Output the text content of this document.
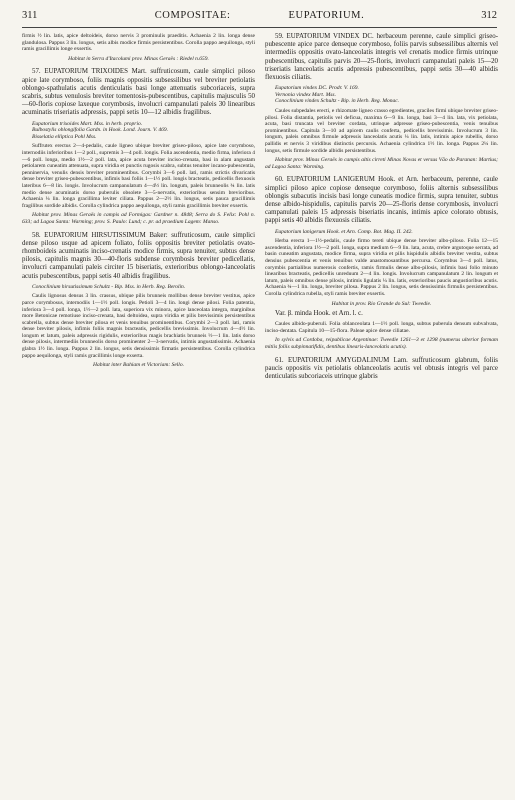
311	COMPOSITAE:	EUPATORIUM.	312

firmis ½ lin. latis, apice deltoideis, dorso nervis 3 prominulis praeditis. Achaenia 2 lin. longa dense glandulosa. Pappus 3 lin. longus, setis albis modice firmis persistentibus. Corolla pappo aequilonga, styli ramis gracillimis longe exsertis.

Habitat in Serra d'Itacolumi prov. Minas Geraës : Riedel n.659.

57. EUPATORIUM TRIXOIDES Mart. suffruticosum, caule simplici piloso apice late corymboso, foliis magnis oppositis subsessilibus vel breviter petiolatis oblongo-spathulatis acutis denticulatis basi longe attenuatis subcoriaceis, supra scabris, subtus venulosis breviter tomentosis-pubescentibus, capitulis majusculis 50—60-floris copiose laxeque corymbosis, involucri campanulati paleis 30 linearibus acuminatis triseriatis adpressis, pappi setis 10—12 albidis fragilibus.

Eupatorium trixoides Mart. Mss. in herb. proprio.

Bulbostylis oblongifolia Gardn. in Hook. Lond. Journ. V. 469.

Bisselatia elliptica Pohl Mss.

Suffrutex erectus 2—4-pedalis, caule ligneo ubique breviter griseo-piloso, apice late corymboso, internodiis inferioribus 1—2 poll., supremis 3—4 poll. longis. Folia ascendentia, medio firma, inferiora 4—6 poll. longa, medio 1½—2 poll. lata, apice acuta breviter inciso-crenata, basi in alam angustam petiolarem cuneatim attenuata, supra viridia et punctis rugosis scabra, subtus tenuiter incano-pubescentia, penninervia, venulis densis breviter prominentibus. Corymbi 3—6 poll. lati, ramis strictis divaricatis dense breviter griseo-pubescentibus, infimis basi foliis 1—1½ poll. longis bracteatis, pedicellis flexuosis lateribus 6—8 lin. longis. Involucrum campanulatum 4—4½ lin. longum, paleis brunneolis ¾ lin. latis medio dense acuminatis dorso puberulis obsolete 3—5-nervatis, exterioribus sensim brevioribus. Achaenia ¼ lin. longa gracillima leviter ciliata. Pappus 2—2½ lin. longus, setis pauca gracillimis fragilibus sordide albidis. Corolla cylindrica pappo aequilonga, styli ramis gracillimis breviter exsertis.

Habitat prov. Minas Geraës in campis ad Formigas: Gardner n. 4848; Serra do S. Felix: Pohl n. 633; ad Lagoa Santa: Warming; prov. S. Paulo: Lund; c. pr. ad praedium Lagem: Manso.

58. EUPATORIUM HIRSUTISSIMUM Baker: suffruticosum, caule simplici dense piloso usque ad apicem foliato, foliis oppositis breviter petiolatis ovato-rhomboideis acuminatis inciso-crenatis modice firmis, supra tenuiter, subtus dense pilosis, capitulis magnis 30—40-floris subdense corymbosis breviter pedicellatis, involucri campanulati paleis circiter 15 biseriatis, exterioribus oblongo-lanceolatis acutis pubescentibus, pappi setis 40 albidis fragilibus.

Conoclinium hirsutissimum Schultz - Bip. Mss. in Herb. Reg. Berolin.

Caulis lignosus densus 3 lin. crassus, ubique pilis brunneis mollibus dense breviter vestitus, apice parce corymbosus, internodiis 1—1½ poll. longis. Petioli 3—4 lin. longi dense pilosi. Folia patentia, inferiora 3—4 poll. longa, 1½—2 poll. lata, superiora vix minora, apice lanceolata integra, marginibus more Betonicae remotiuse inciso-crenata, basi deltoidea, supra viridia et pilis brevissimis persistentibus scabrella, subtus dense breviter pilosa et venis tenuibus prominentibus. Corymbi 2—3 poll. lati, ramis dense breviter pilosis, infimis foliis magnis bracteatis, pedicellis brevissimis. Involucrum 4—4½ lin. longum et latum, paleis adpressis rigidulis, exterioribus magis brachiatis brunneis ½—1 lin. latis dorso dense pilosis, intermediis brunneolis dorso prominenter 2—3-nervatis, intimis angustatissimis. Achaenia glabra 1½ lin. longa. Pappus 2 lin. longus, setis densissimis firmatis persistentibus. Corolla cylindrica pappo aequilonga, styli ramis gracillimis longe exserta.

Habitat inter Bahiam et Victoriam: Sello.

59. EUPATORIUM VINDEX DC. herbaceum perenne, caule simplici griseo-pubescente apice parce denseque corymboso, foliis parvis subsessilibus alternis vel intermediis oppositis ovato-lanceolatis integris vel crenatis modice firmis utrinque pubescentibus, capitulis parvis 20—25-floris, involucri campanulati paleis 15—20 triseriatis lanceolatis acutis adpressis pubescentibus, pappi setis 30—40 albidis flexuosis ciliatis.

Eupatorium vindex DC. Prodr. V. 169.

Vernonia vindex Mart. Mss.

Conoclinium vindex Schultz - Bip. in Herb. Reg. Monac.

Caules subpedales erecti, e rhizomate ligneo crasso egredientes, graciles firmi ubique breviter griseo-pilosi. Folia distantia, petiolis vel deficua, maxima 6—9 lin. longa, basi 3—4 lin. lata, vix petiolata, acuta, basi truncata vel breviter cordata, utrinque adpresse griseo-pubescentia, venis tenuibus prominentibus. Capitula 3—10 ad apicem caulis conferta, pedicellis brevissimis. Involucrum 3 lin. longum, paleis omnibus firmule adpressis lanceolatis acutis ¼ lin. latis, intimis apice rubellis, dorso pallidis et nervis 3 viridibus distinctis percursis. Achaenia cylindrica 1½ lin. longa. Pappus 2¼ lin. longus, setis firmule sordide albidis persistentibus.

Habitat prov. Minas Geraës in campis altis cirreti Minas Novas et versus Vão do Paranan: Martius; ad Lagoa Santa: Warming.

60. EUPATORIUM LANIGERUM Hook. et Arn. herbaceum, perenne, caule simplici piloso apice copiose denseque corymboso, foliis alternis subsessilibus oblongis subacutis incisis basi longe cuneatis modice firmis, supra tenuiter, subtus dense albido-hispidulis, capitulis parvis 20—25-floris dense corymbosis, involucri campanulati paleis 15 adpressis biseriatis incanis, intimis apice colorato obtusis, pappi setis 40 albidis flexuosis ciliatis.

Eupatorium lanigerum Hook. et Arn. Comp. Bot. Mag. II. 242.

Herba erecta 1—1½-pedalis, caule firmo tereti ubique dense breviter albo-piloso. Folia 12—15 ascendentia, inferiora 1½—2 poll. longa, supra medium 6—9 lin. lata, acuta, crebre argutoque serrata, ad basin cuneatim angustata, modice firma, supra viridia et pilis hispidulis albidis breviter vestita, subtus densius pubescentia et venis tenuibus valde anastomosantibus percursa. Corymbus 3—4 poll. latus, corymbis partialibus numerosis confertis, ramis firmulis dense albo-pilosis, infimis basi folio minuto linearibus bracteatis, pedicellis unreduum 2—4 lin. longis. Involucrum campanulatum 2 lin. longum et latum, paleis omnibus dense pilosis, intimis ligulatis ¼ lin. latis, exterioribus paucis angustioribus acutis. Achaenia ¾—1 lin. longa, breviter pilosa. Pappus 2 lin. longus, setis densissimis firmulis persistentibus. Corolla cylindrica rubella, styli ramis breviter exsertis.

Habitat in prov. Rio Grande do Sul: Tweedie.

Var. β. minda Hook. et Arn. l. c.

Caules albido-puberuli. Folia oblanceolata 1—1½ poll. longa, subtus puberula densum subvalvata, inciso-dentata. Capitula 10—15-flora. Paleae apice dense ciliatae.

In sylvis ad Cordoba, reipublicae Argentinae: Tweedie 1261—3 et 1298 (numerus ulterior formam mitiis foliis subpinnatifidis, dentibus linearis-lanceolatis acutis).

61. EUPATORIUM AMYGDALINUM Lam. suffruticosum glabrum, foliis paucis oppositis vix petiolatis oblanceolatis acutis vel obtusis integris vel parce denticulatis subcoriaceis utrinque glabris
